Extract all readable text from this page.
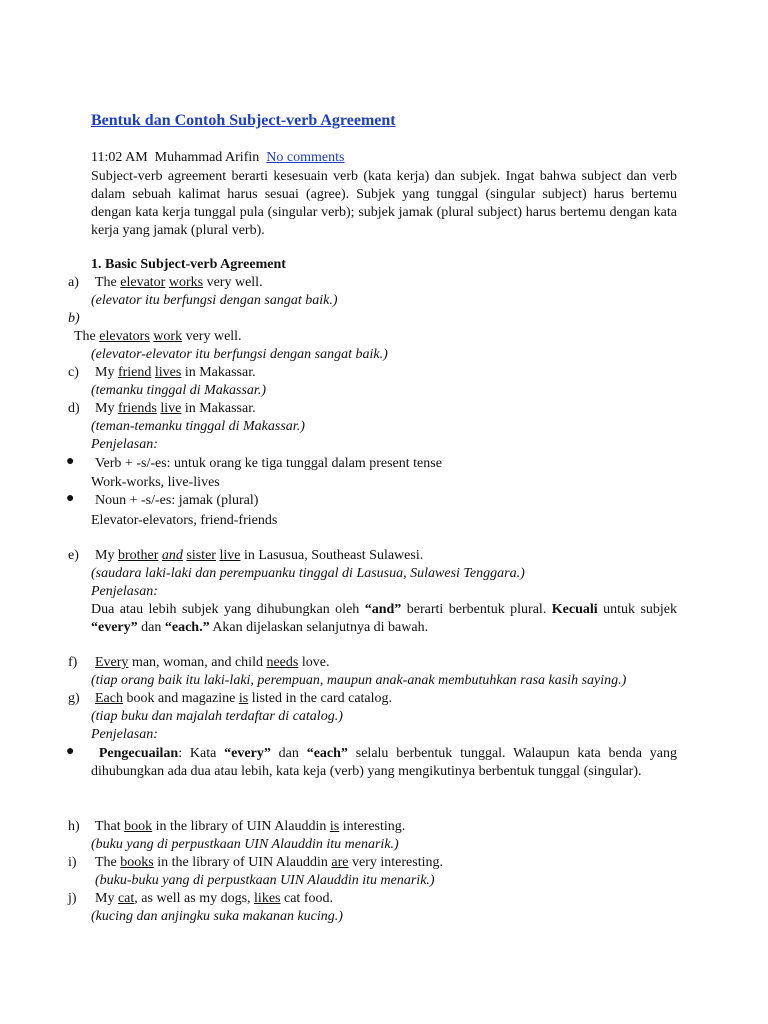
Bentuk dan Contoh Subject-verb Agreement
11:02 AM Muhammad Arifin No comments

Subject-verb agreement berarti kesesuain verb (kata kerja) dan subjek. Ingat bahwa subject dan verb dalam sebuah kalimat harus sesuai (agree). Subjek yang tunggal (singular subject) harus bertemu dengan kata kerja tunggal pula (singular verb); subjek jamak (plural subject) harus bertemu dengan kata kerja yang jamak (plural verb).

1. Basic Subject-verb Agreement
a) The elevator works very well.
(elevator itu berfungsi dengan sangat baik.)
b)
The elevators work very well.
(elevator-elevator itu berfungsi dengan sangat baik.)
c) My friend lives in Makassar.
(temanku tinggal di Makassar.)
d) My friends live in Makassar.
(teman-temanku tinggal di Makassar.)
Penjelasan:
● Verb + -s/-es: untuk orang ke tiga tunggal dalam present tense
Work-works, live-lives
● Noun + -s/-es: jamak (plural)
Elevator-elevators, friend-friends
e) My brother and sister live in Lasusua, Southeast Sulawesi.
(saudara laki-laki dan perempuanku tinggal di Lasusua, Sulawesi Tenggara.)
Penjelasan:

Dua atau lebih subjek yang dihubungkan oleh “and” berarti berbentuk plural. Kecuali untuk subjek “every” dan “each.” Akan dijelaskan selanjutnya di bawah.

f) Every man, woman, and child needs love.
(tiap orang baik itu laki-laki, perempuan, maupun anak-anak membutuhkan rasa kasih saying.)
g) Each book and magazine is listed in the card catalog.
(tiap buku dan majalah terdaftar di catalog.)
Penjelasan:
●	Pengecuailan: Kata “every” dan “each” selalu berbentuk tunggal. Walaupun kata benda yang dihubungkan ada dua atau lebih, kata keja (verb) yang mengikutinya berbentuk tunggal (singular).

h) That book in the library of UIN Alauddin is interesting.
(buku yang di perpustkaan UIN Alauddin itu menarik.)
i) The books in the library of UIN Alauddin are very interesting.
(buku-buku yang di perpustkaan UIN Alauddin itu menarik.)
j) My cat, as well as my dogs, likes cat food.
(kucing dan anjingku suka makanan kucing.)
